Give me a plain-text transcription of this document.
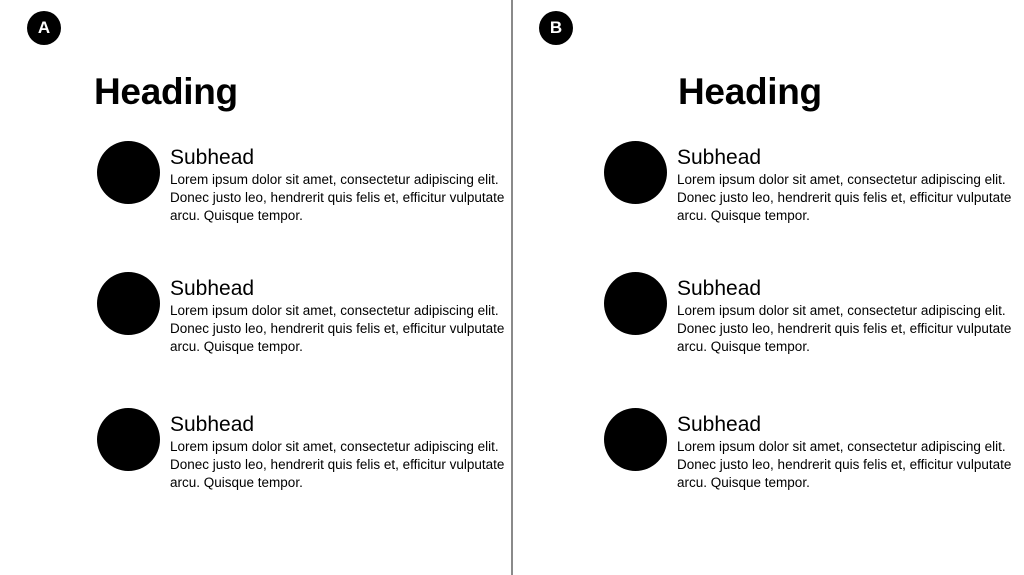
A
Heading
Subhead
Lorem ipsum dolor sit amet, consectetur adipiscing elit. Donec justo leo, hendrerit quis felis et, efficitur vulputate arcu. Quisque tempor.
Subhead
Lorem ipsum dolor sit amet, consectetur adipiscing elit. Donec justo leo, hendrerit quis felis et, efficitur vulputate arcu. Quisque tempor.
Subhead
Lorem ipsum dolor sit amet, consectetur adipiscing elit. Donec justo leo, hendrerit quis felis et, efficitur vulputate arcu. Quisque tempor.
B
Heading
Subhead
Lorem ipsum dolor sit amet, consectetur adipiscing elit. Donec justo leo, hendrerit quis felis et, efficitur vulputate arcu. Quisque tempor.
Subhead
Lorem ipsum dolor sit amet, consectetur adipiscing elit. Donec justo leo, hendrerit quis felis et, efficitur vulputate arcu. Quisque tempor.
Subhead
Lorem ipsum dolor sit amet, consectetur adipiscing elit. Donec justo leo, hendrerit quis felis et, efficitur vulputate arcu. Quisque tempor.
